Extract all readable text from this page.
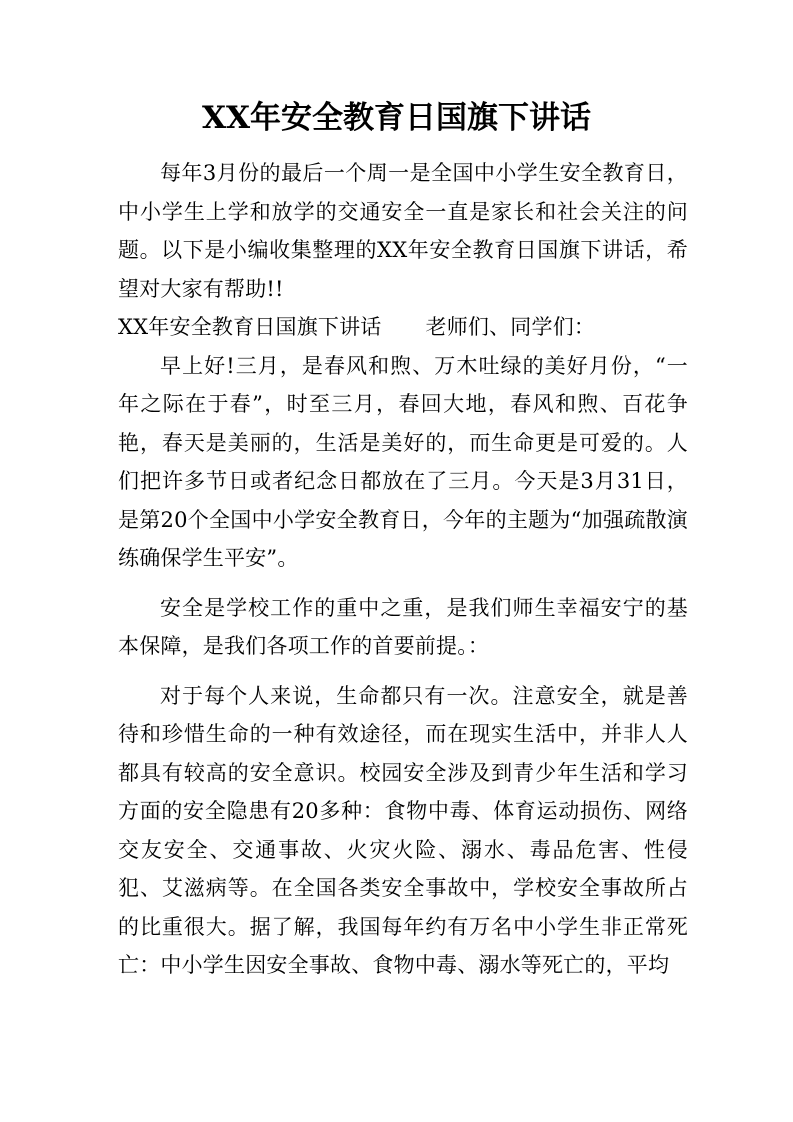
XX年安全教育日国旗下讲话

每年3月份的最后一个周一是全国中小学生安全教育日，中小学生上学和放学的交通安全一直是家长和社会关注的问题。以下是小编收集整理的XX年安全教育日国旗下讲话，希望对大家有帮助!!

XX年安全教育日国旗下讲话 老师们、同学们：

早上好!三月，是春风和煦、万木吐绿的美好月份，“一年之际在于春”，时至三月，春回大地，春风和煦、百花争艳，春天是美丽的，生活是美好的，而生命更是可爱的。人们把许多节日或者纪念日都放在了三月。今天是3月31日，是第20个全国中小学安全教育日，今年的主题为“加强疏散演练确保学生平安”。

安全是学校工作的重中之重，是我们师生幸福安宁的基本保障，是我们各项工作的首要前提。：

对于每个人来说，生命都只有一次。注意安全，就是善待和珍惜生命的一种有效途径，而在现实生活中，并非人人都具有较高的安全意识。校园安全涉及到青少年生活和学习方面的安全隐患有20多种：食物中毒、体育运动损伤、网络交友安全、交通事故、火灾火险、溺水、毒品危害、性侵犯、艾滋病等。在全国各类安全事故中，学校安全事故所占的比重很大。据了解，我国每年约有万名中小学生非正常死亡：中小学生因安全事故、食物中毒、溺水等死亡的，平均
